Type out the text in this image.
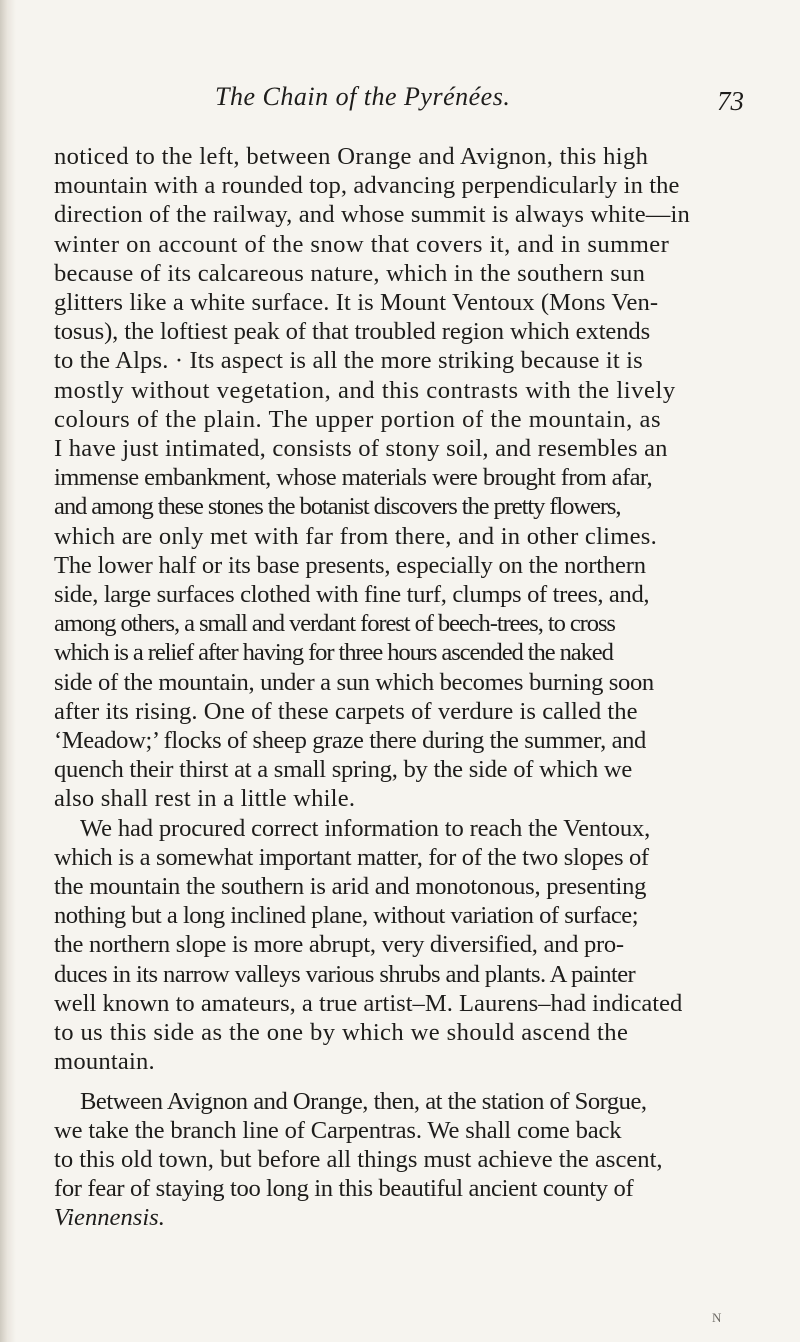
The Chain of the Pyrénées.	73
noticed to the left, between Orange and Avignon, this high
mountain with a rounded top, advancing perpendicularly in the
direction of the railway, and whose summit is always white—in
winter on account of the snow that covers it, and in summer
because of its calcareous nature, which in the southern sun
glitters like a white surface. It is Mount Ventoux (Mons Ven-
tosus), the loftiest peak of that troubled region which extends
to the Alps. · Its aspect is all the more striking because it is
mostly without vegetation, and this contrasts with the lively
colours of the plain. The upper portion of the mountain, as
I have just intimated, consists of stony soil, and resembles an
immense embankment, whose materials were brought from afar,
and among these stones the botanist discovers the pretty flowers,
which are only met with far from there, and in other climes.
The lower half or its base presents, especially on the northern
side, large surfaces clothed with fine turf, clumps of trees, and,
among others, a small and verdant forest of beech-trees, to cross
which is a relief after having for three hours ascended the naked
side of the mountain, under a sun which becomes burning soon
after its rising. One of these carpets of verdure is called the
‘Meadow;’ flocks of sheep graze there during the summer, and
quench their thirst at a small spring, by the side of which we
also shall rest in a little while.
We had procured correct information to reach the Ventoux,
which is a somewhat important matter, for of the two slopes of
the mountain the southern is arid and monotonous, presenting
nothing but a long inclined plane, without variation of surface;
the northern slope is more abrupt, very diversified, and pro-
duces in its narrow valleys various shrubs and plants. A painter
well known to amateurs, a true artist–M. Laurens–had indicated
to us this side as the one by which we should ascend the
mountain.
Between Avignon and Orange, then, at the station of Sorgue,
we take the branch line of Carpentras. We shall come back
to this old town, but before all things must achieve the ascent,
for fear of staying too long in this beautiful ancient county of
Viennensis.
N
